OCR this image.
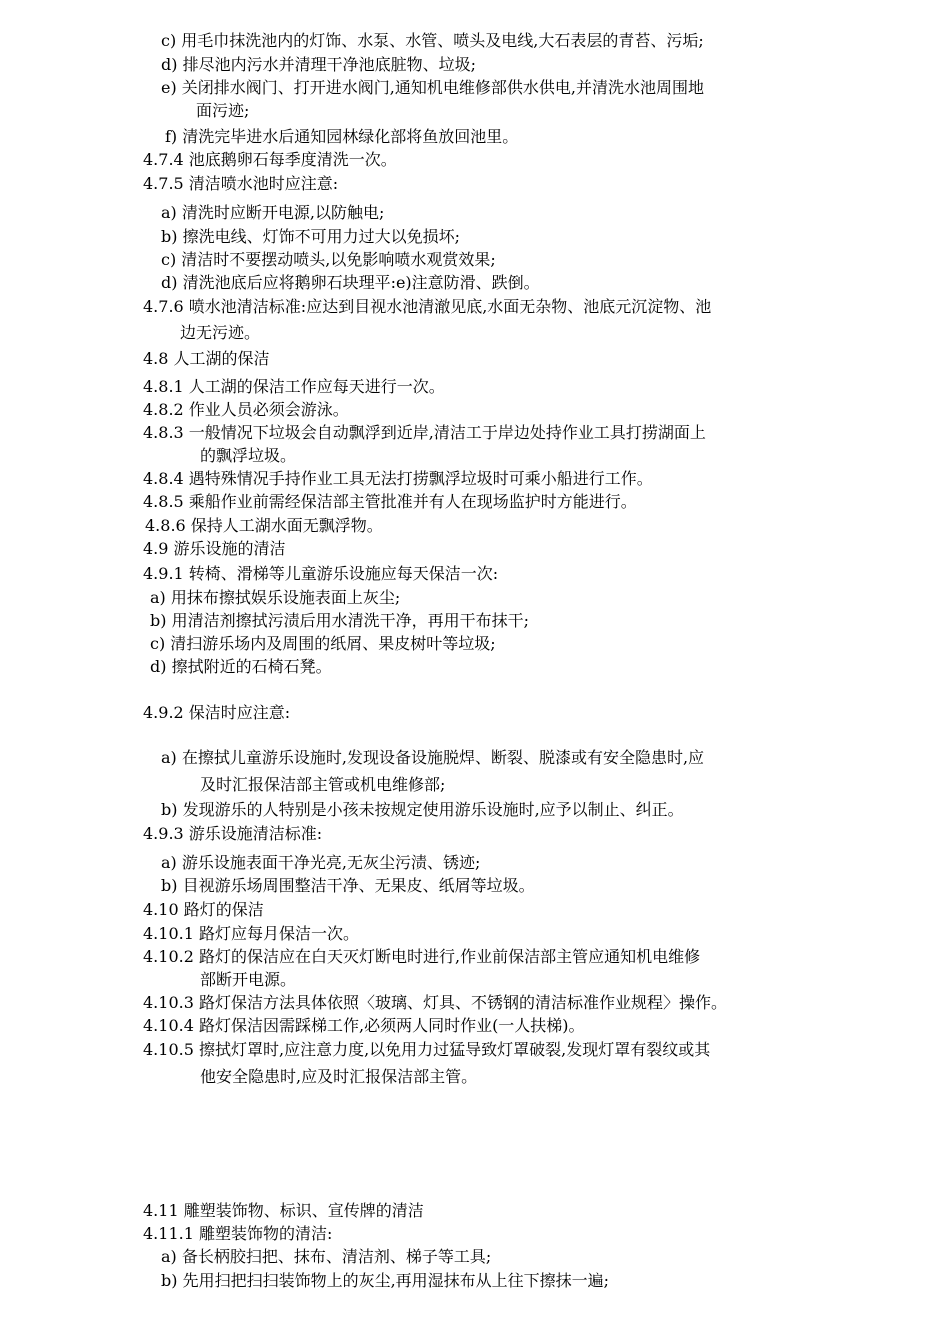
c) 用毛巾抹洗池内的灯饰、水泵、水管、喷头及电线,大石表层的青苔、污垢;
d) 排尽池内污水并清理干净池底脏物、垃圾;
e) 关闭排水阀门、打开进水阀门,通知机电维修部供水供电,并清洗水池周围地
面污迹;
f) 清洗完毕进水后通知园林绿化部将鱼放回池里。
4.7.4 池底鹅卵石每季度清洗一次。
4.7.5 清洁喷水池时应注意:
a) 清洗时应断开电源,以防触电;
b) 擦洗电线、灯饰不可用力过大以免损坏;
c) 清洁时不要摆动喷头,以免影响喷水观赏效果;
d) 清洗池底后应将鹅卵石块理平:e)注意防滑、跌倒。
4.7.6 喷水池清洁标准:应达到目视水池清澈见底,水面无杂物、池底元沉淀物、池
边无污迹。
4.8 人工湖的保洁
4.8.1 人工湖的保洁工作应每天进行一次。
4.8.2 作业人员必须会游泳。
4.8.3 一般情况下垃圾会自动飘浮到近岸,清洁工于岸边处持作业工具打捞湖面上
的飘浮垃圾。
4.8.4 遇特殊情况手持作业工具无法打捞飘浮垃圾时可乘小船进行工作。
4.8.5 乘船作业前需经保洁部主管批准并有人在现场监护时方能进行。
4.8.6 保持人工湖水面无飘浮物。
4.9 游乐设施的清洁
4.9.1 转椅、滑梯等儿童游乐设施应每天保洁一次:
a) 用抹布擦拭娱乐设施表面上灰尘;
b) 用清洁剂擦拭污渍后用水清洗干净，再用干布抹干;
c) 清扫游乐场内及周围的纸屑、果皮树叶等垃圾;
d) 擦拭附近的石椅石凳。
4.9.2 保洁时应注意:
a) 在擦拭儿童游乐设施时,发现设备设施脱焊、断裂、脱漆或有安全隐患时,应
及时汇报保洁部主管或机电维修部;
b) 发现游乐的人特别是小孩未按规定使用游乐设施时,应予以制止、纠正。
4.9.3 游乐设施清洁标准:
a) 游乐设施表面干净光亮,无灰尘污渍、锈迹;
b) 目视游乐场周围整洁干净、无果皮、纸屑等垃圾。
4.10 路灯的保洁
4.10.1 路灯应每月保洁一次。
4.10.2 路灯的保洁应在白天灭灯断电时进行,作业前保洁部主管应通知机电维修
部断开电源。
4.10.3 路灯保洁方法具体依照〈玻璃、灯具、不锈钢的清洁标准作业规程〉操作。
4.10.4 路灯保洁因需踩梯工作,必须两人同时作业(一人扶梯)。
4.10.5 擦拭灯罩时,应注意力度,以免用力过猛导致灯罩破裂,发现灯罩有裂纹或其
他安全隐患时,应及时汇报保洁部主管。
4.11 雕塑装饰物、标识、宣传牌的清洁
4.11.1 雕塑装饰物的清洁:
a) 备长柄胶扫把、抹布、清洁剂、梯子等工具;
b) 先用扫把扫扫装饰物上的灰尘,再用湿抹布从上往下擦抹一遍;
